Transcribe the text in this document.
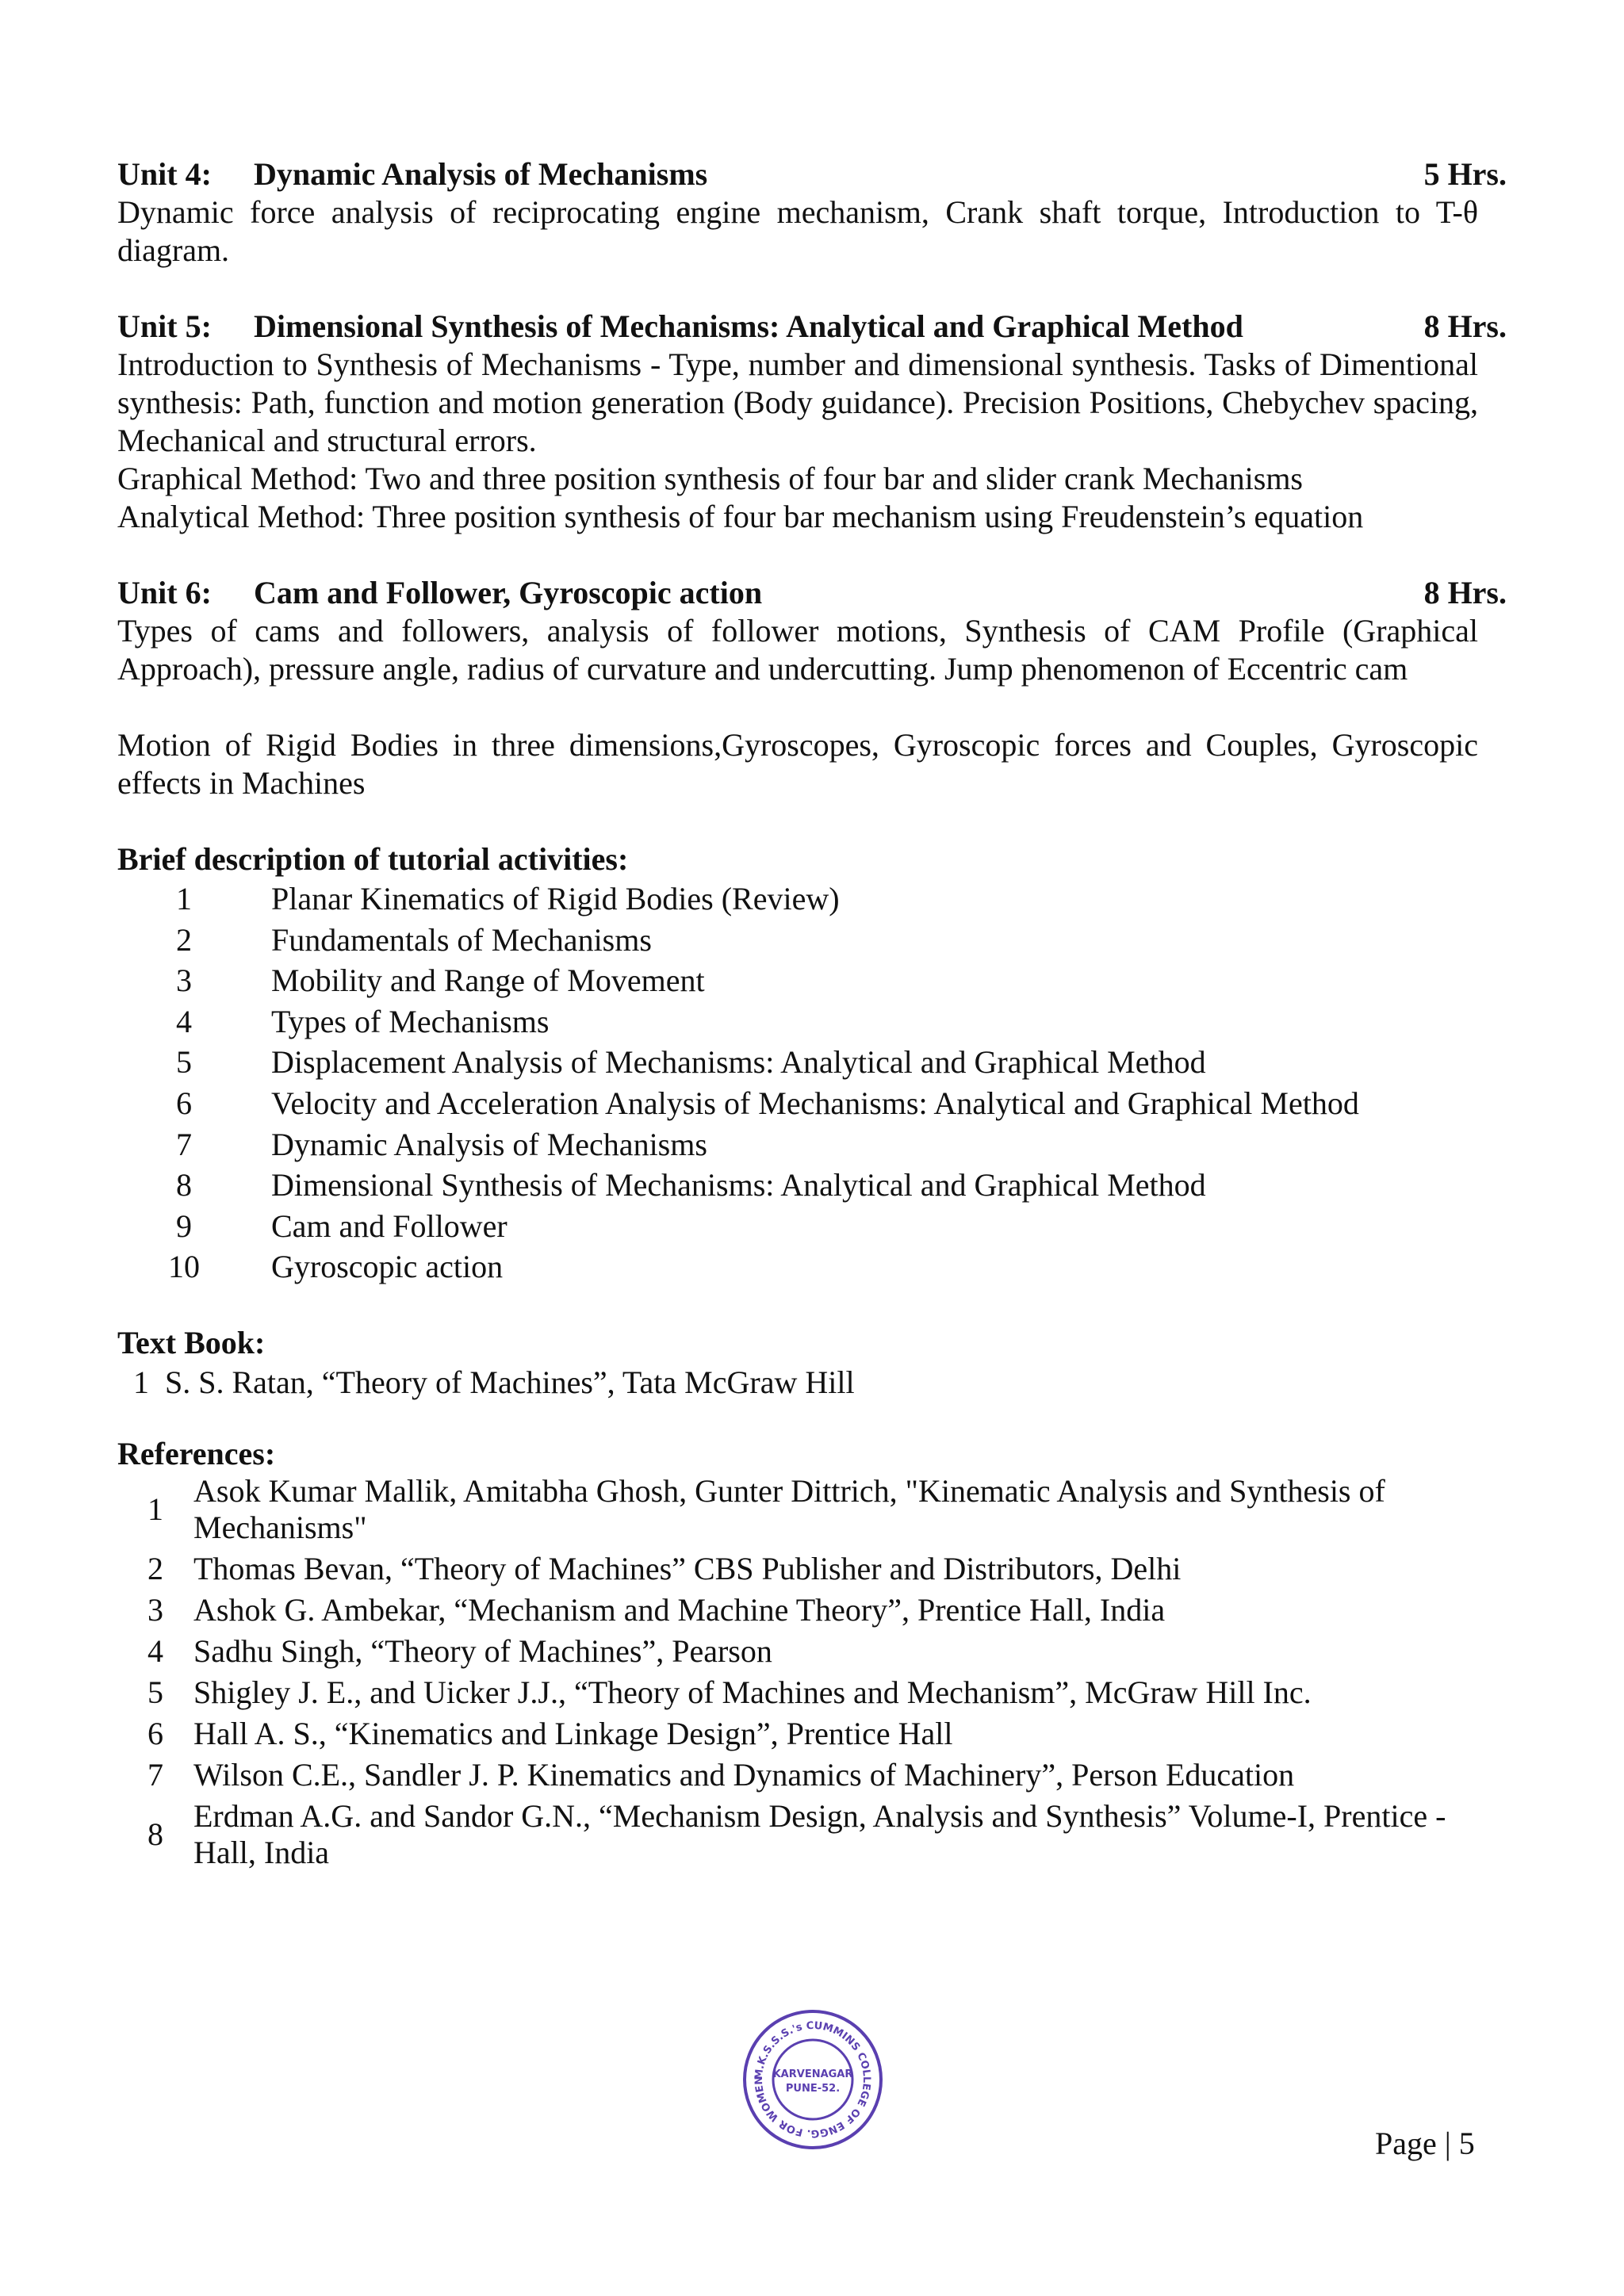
Unit 4:	Dynamic Analysis of Mechanisms	5 Hrs.

Dynamic force analysis of reciprocating engine mechanism, Crank shaft torque, Introduction to T-θ diagram.

Unit 5:	Dimensional Synthesis of Mechanisms: Analytical and Graphical Method	8 Hrs.

Introduction to Synthesis of Mechanisms - Type, number and dimensional synthesis. Tasks of Dimentional synthesis: Path, function and motion generation (Body guidance). Precision Positions, Chebychev spacing, Mechanical and structural errors.

Graphical Method: Two and three position synthesis of four bar and slider crank Mechanisms

Analytical Method: Three position synthesis of four bar mechanism using Freudenstein’s equation

Unit 6:	Cam and Follower, Gyroscopic action	8 Hrs.

Types of cams and followers, analysis of follower motions, Synthesis of CAM Profile (Graphical Approach), pressure angle, radius of curvature and undercutting. Jump phenomenon of Eccentric cam

Motion of Rigid Bodies in three dimensions,Gyroscopes, Gyroscopic forces and Couples, Gyroscopic effects in Machines

Brief description of tutorial activities:
1	Planar Kinematics of Rigid Bodies (Review)
2	Fundamentals of Mechanisms
3	Mobility and Range of Movement
4	Types of Mechanisms
5	Displacement Analysis of Mechanisms: Analytical and Graphical Method
6	Velocity and Acceleration Analysis of Mechanisms: Analytical and Graphical Method
7	Dynamic Analysis of Mechanisms
8	Dimensional Synthesis of Mechanisms: Analytical and Graphical Method
9	Cam and Follower
10	Gyroscopic action
Text Book:
1 S. S. Ratan, “Theory of Machines”, Tata McGraw Hill
References:
1
Asok Kumar Mallik, Amitabha Ghosh, Gunter Dittrich, "Kinematic Analysis and Synthesis of Mechanisms"
2 Thomas Bevan, “Theory of Machines” CBS Publisher and Distributors, Delhi
3 Ashok G. Ambekar, “Mechanism and Machine Theory”, Prentice Hall, India
4 Sadhu Singh, “Theory of Machines”, Pearson
5 Shigley J. E., and Uicker J.J., “Theory of Machines and Mechanism”, McGraw Hill Inc.
6 Hall A. S., “Kinematics and Linkage Design”, Prentice Hall
7 Wilson C.E., Sandler J. P. Kinematics and Dynamics of Machinery”, Person Education
8
Erdman A.G. and Sandor G.N., “Mechanism Design, Analysis and Synthesis” Volume-I, Prentice -Hall, India
M.K.S.S.S.'s CUMMINS COLLEGE OF ENGG. FOR WOMEN
KARVENAGAR
PUNE-52.
Page | 5
